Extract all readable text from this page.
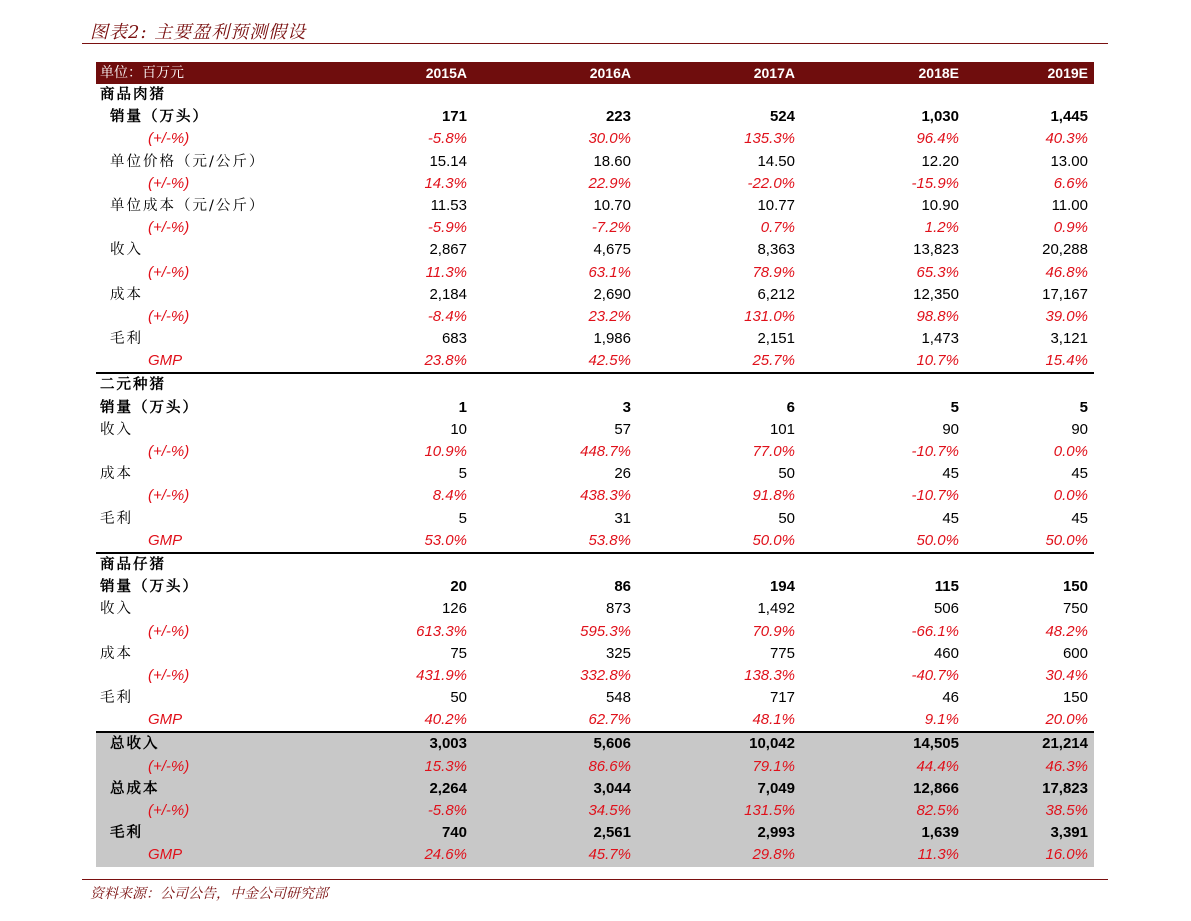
图表2: 主要盈利预测假设
单位：百万元	2015A	2016A	2017A	2018E	2019E
商品肉猪
销量（万头）	171	223	524	1,030	1,445
(+/-%)	-5.8%	30.0%	135.3%	96.4%	40.3%
单位价格（元/公斤）	15.14	18.60	14.50	12.20	13.00
(+/-%)	14.3%	22.9%	-22.0%	-15.9%	6.6%
单位成本（元/公斤）	11.53	10.70	10.77	10.90	11.00
(+/-%)	-5.9%	-7.2%	0.7%	1.2%	0.9%
收入	2,867	4,675	8,363	13,823	20,288
(+/-%)	11.3%	63.1%	78.9%	65.3%	46.8%
成本	2,184	2,690	6,212	12,350	17,167
(+/-%)	-8.4%	23.2%	131.0%	98.8%	39.0%
毛利	683	1,986	2,151	1,473	3,121
GMP	23.8%	42.5%	25.7%	10.7%	15.4%
二元种猪
销量（万头）	1	3	6	5	5
收入	10	57	101	90	90
(+/-%)	10.9%	448.7%	77.0%	-10.7%	0.0%
成本	5	26	50	45	45
(+/-%)	8.4%	438.3%	91.8%	-10.7%	0.0%
毛利	5	31	50	45	45
GMP	53.0%	53.8%	50.0%	50.0%	50.0%
商品仔猪
销量（万头）	20	86	194	115	150
收入	126	873	1,492	506	750
(+/-%)	613.3%	595.3%	70.9%	-66.1%	48.2%
成本	75	325	775	460	600
(+/-%)	431.9%	332.8%	138.3%	-40.7%	30.4%
毛利	50	548	717	46	150
GMP	40.2%	62.7%	48.1%	9.1%	20.0%
总收入	3,003	5,606	10,042	14,505	21,214
(+/-%)	15.3%	86.6%	79.1%	44.4%	46.3%
总成本	2,264	3,044	7,049	12,866	17,823
(+/-%)	-5.8%	34.5%	131.5%	82.5%	38.5%
毛利	740	2,561	2,993	1,639	3,391
GMP	24.6%	45.7%	29.8%	11.3%	16.0%
资料来源：公司公告，中金公司研究部
